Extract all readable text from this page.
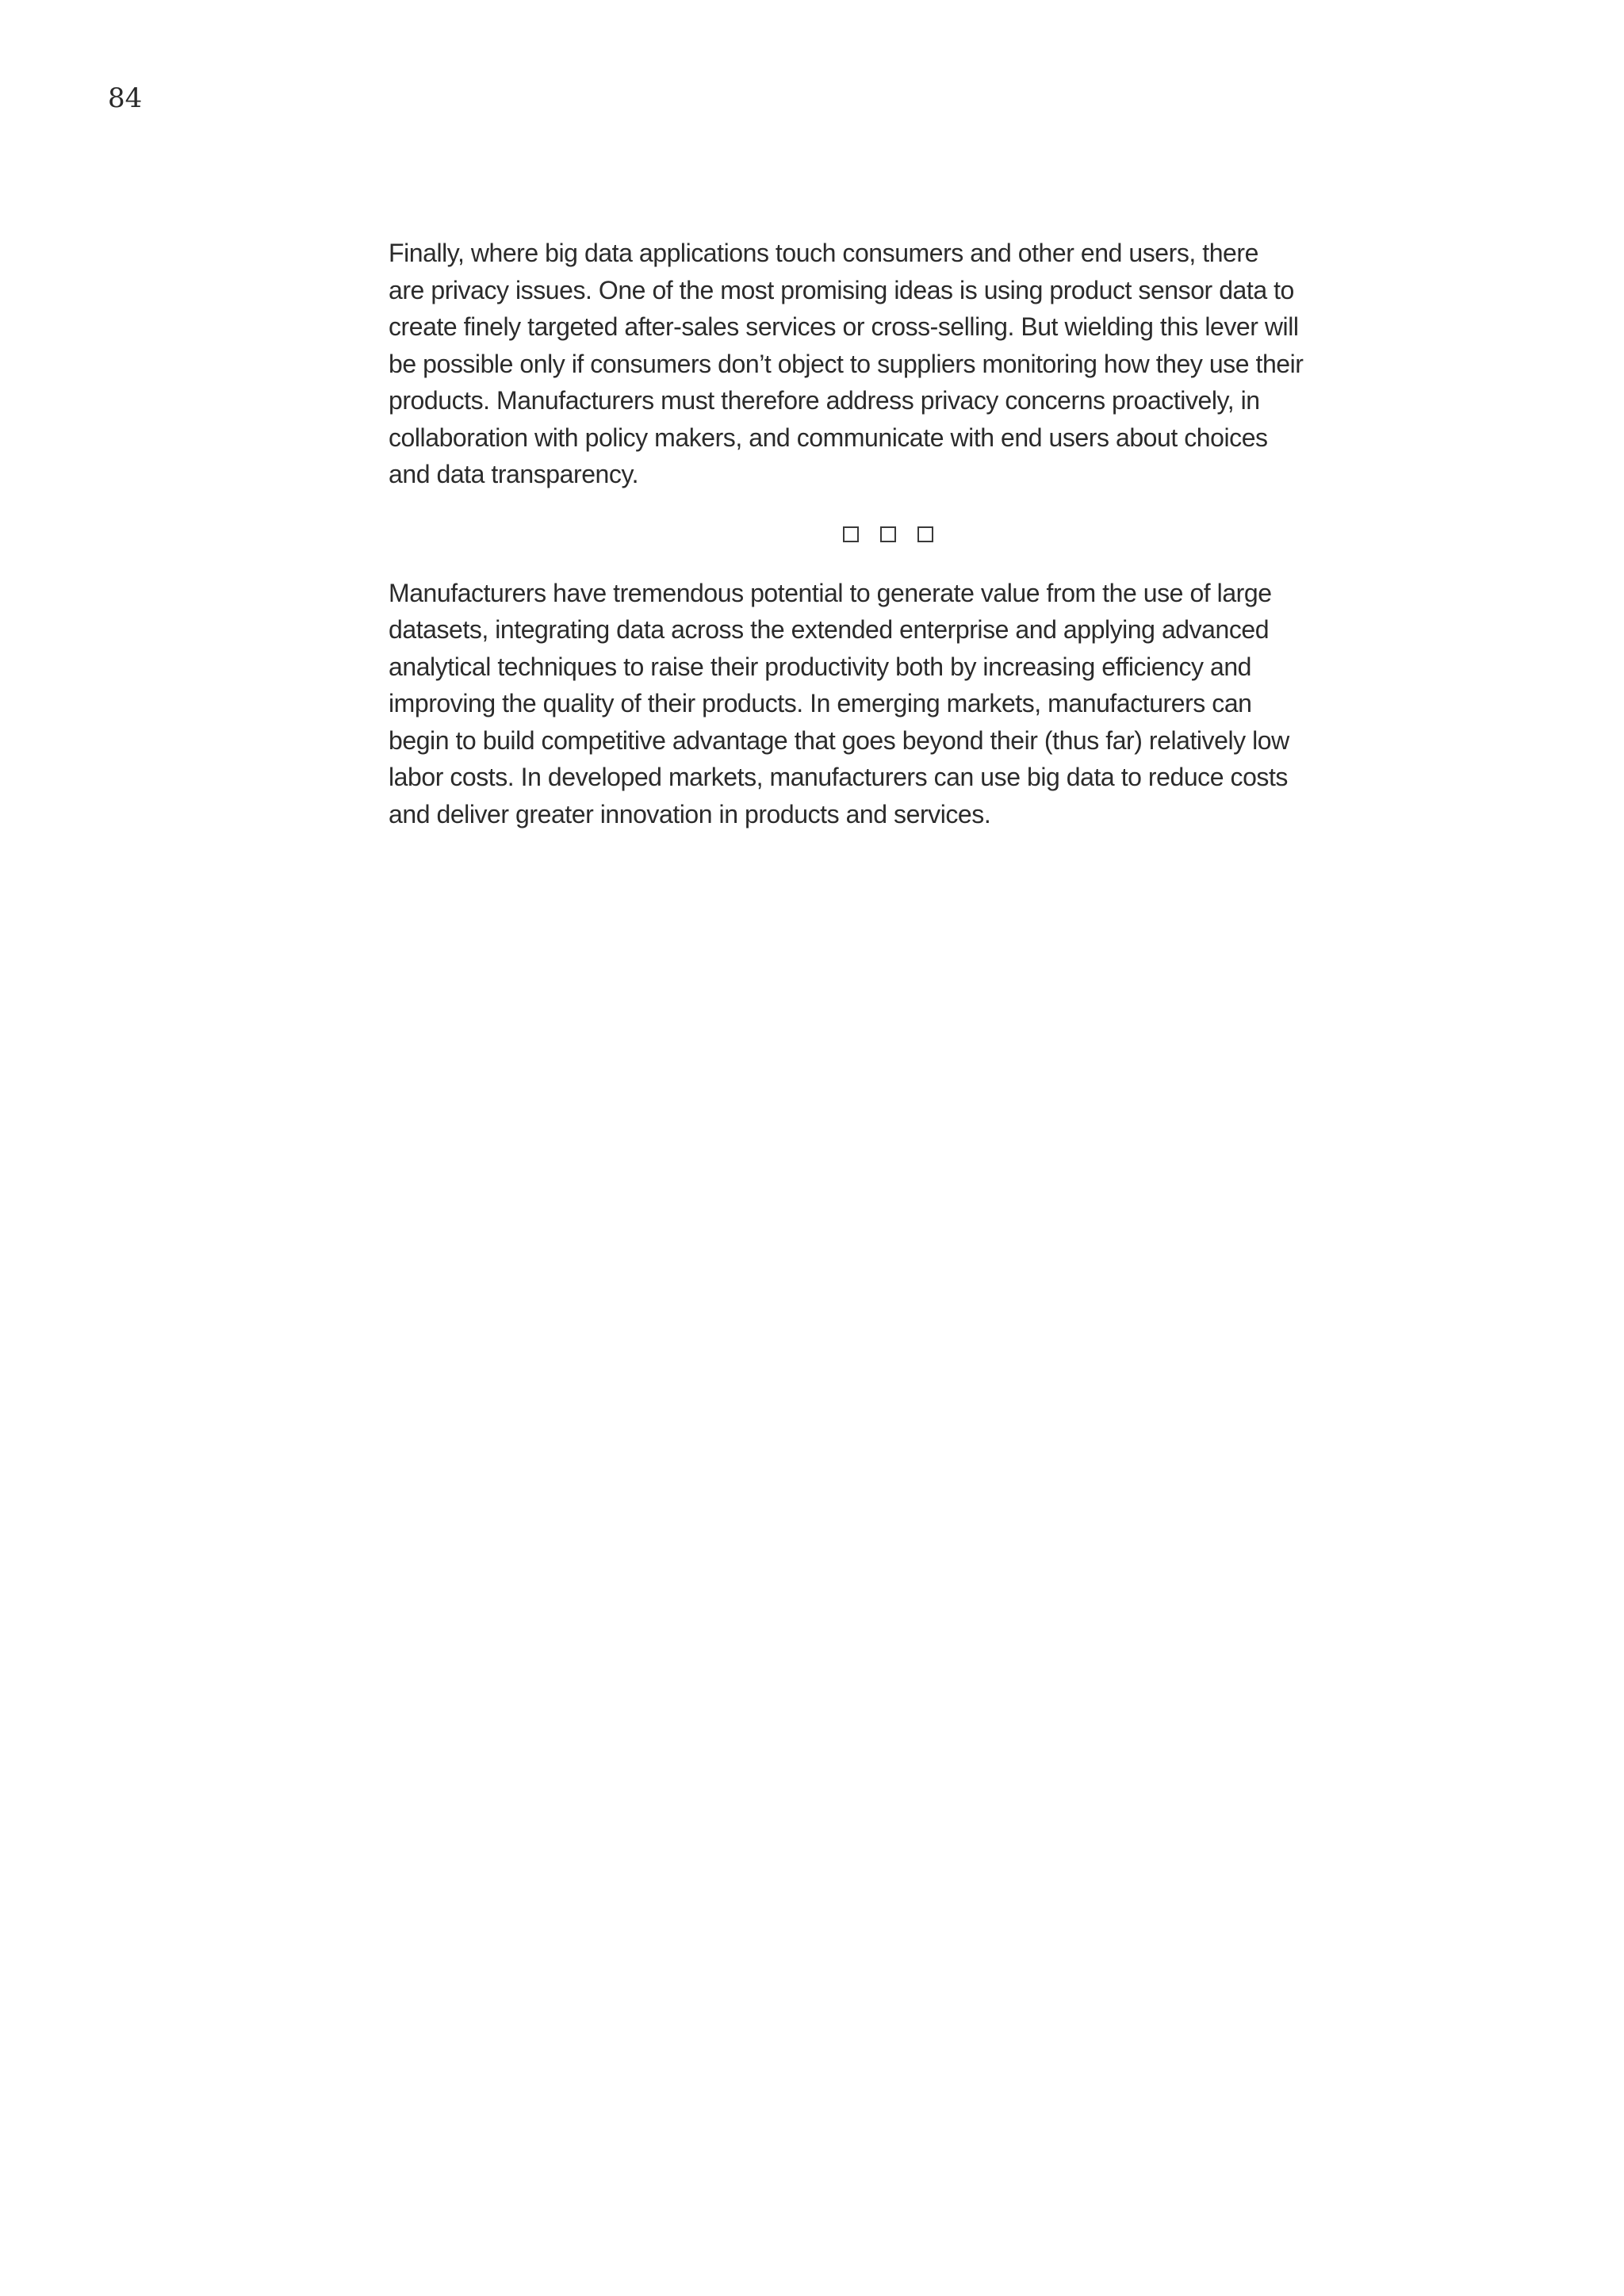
84

Finally, where big data applications touch consumers and other end users, there
are privacy issues. One of the most promising ideas is using product sensor data to
create finely targeted after-sales services or cross-selling. But wielding this lever will
be possible only if consumers don’t object to suppliers monitoring how they use their
products. Manufacturers must therefore address privacy concerns proactively, in
collaboration with policy makers, and communicate with end users about choices
and data transparency.

Manufacturers have tremendous potential to generate value from the use of large
datasets, integrating data across the extended enterprise and applying advanced
analytical techniques to raise their productivity both by increasing efficiency and
improving the quality of their products. In emerging markets, manufacturers can
begin to build competitive advantage that goes beyond their (thus far) relatively low
labor costs. In developed markets, manufacturers can use big data to reduce costs
and deliver greater innovation in products and services.
